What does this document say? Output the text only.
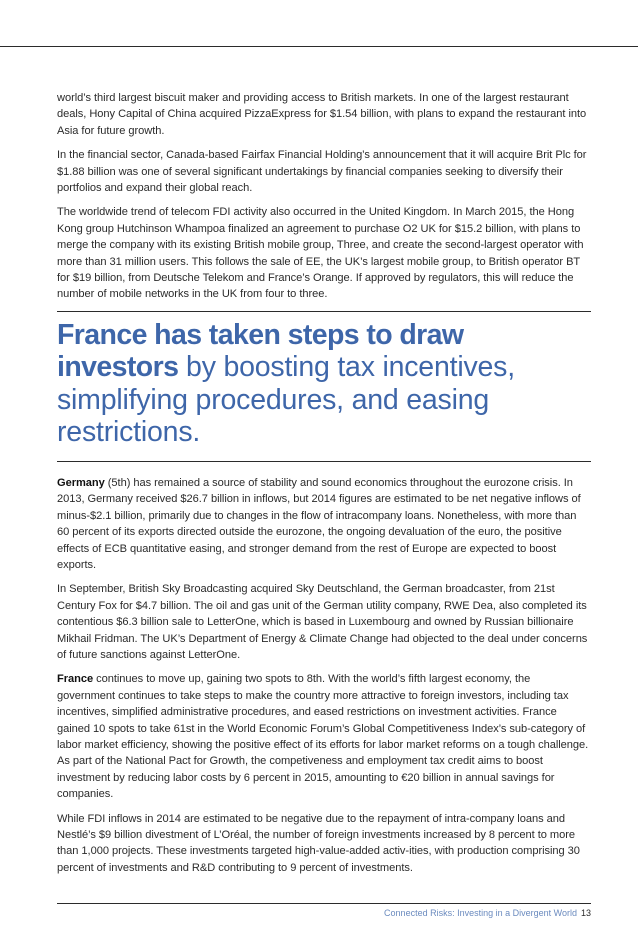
world’s third largest biscuit maker and providing access to British markets. In one of the largest restaurant deals, Hony Capital of China acquired PizzaExpress for $1.54 billion, with plans to expand the restaurant into Asia for future growth.

In the financial sector, Canada-based Fairfax Financial Holding’s announcement that it will acquire Brit Plc for $1.88 billion was one of several significant undertakings by financial companies seeking to diversify their portfolios and expand their global reach.

The worldwide trend of telecom FDI activity also occurred in the United Kingdom. In March 2015, the Hong Kong group Hutchinson Whampoa finalized an agreement to purchase O2 UK for $15.2 billion, with plans to merge the company with its existing British mobile group, Three, and create the second-largest operator with more than 31 million users. This follows the sale of EE, the UK’s largest mobile group, to British operator BT for $19 billion, from Deutsche Telekom and France’s Orange. If approved by regulators, this will reduce the number of mobile networks in the UK from four to three.

France has taken steps to draw investors by boosting tax incentives, simplifying procedures, and easing restrictions.

Germany (5th) has remained a source of stability and sound economics throughout the eurozone crisis. In 2013, Germany received $26.7 billion in inflows, but 2014 figures are estimated to be net negative inflows of minus-$2.1 billion, primarily due to changes in the flow of intracompany loans. Nonetheless, with more than 60 percent of its exports directed outside the eurozone, the ongoing devaluation of the euro, the positive effects of ECB quantitative easing, and stronger demand from the rest of Europe are expected to boost exports.

In September, British Sky Broadcasting acquired Sky Deutschland, the German broadcaster, from 21st Century Fox for $4.7 billion. The oil and gas unit of the German utility company, RWE Dea, also completed its contentious $6.3 billion sale to LetterOne, which is based in Luxembourg and owned by Russian billionaire Mikhail Fridman. The UK’s Department of Energy & Climate Change had objected to the deal under concerns of future sanctions against LetterOne.

France continues to move up, gaining two spots to 8th. With the world’s fifth largest economy, the government continues to take steps to make the country more attractive to foreign investors, including tax incentives, simplified administrative procedures, and eased restrictions on investment activities. France gained 10 spots to take 61st in the World Economic Forum’s Global Competitiveness Index’s sub-category of labor market efficiency, showing the positive effect of its efforts for labor market reforms on a tough challenge. As part of the National Pact for Growth, the competiveness and employment tax credit aims to boost investment by reducing labor costs by 6 percent in 2015, amounting to €20 billion in annual savings for companies.

While FDI inflows in 2014 are estimated to be negative due to the repayment of intra-company loans and Nestlé’s $9 billion divestment of L’Oréal, the number of foreign investments increased by 8 percent to more than 1,000 projects. These investments targeted high-value-added activ-ities, with production comprising 30 percent of investments and R&D contributing to 9 percent of investments.

Connected Risks: Investing in a Divergent World 13
